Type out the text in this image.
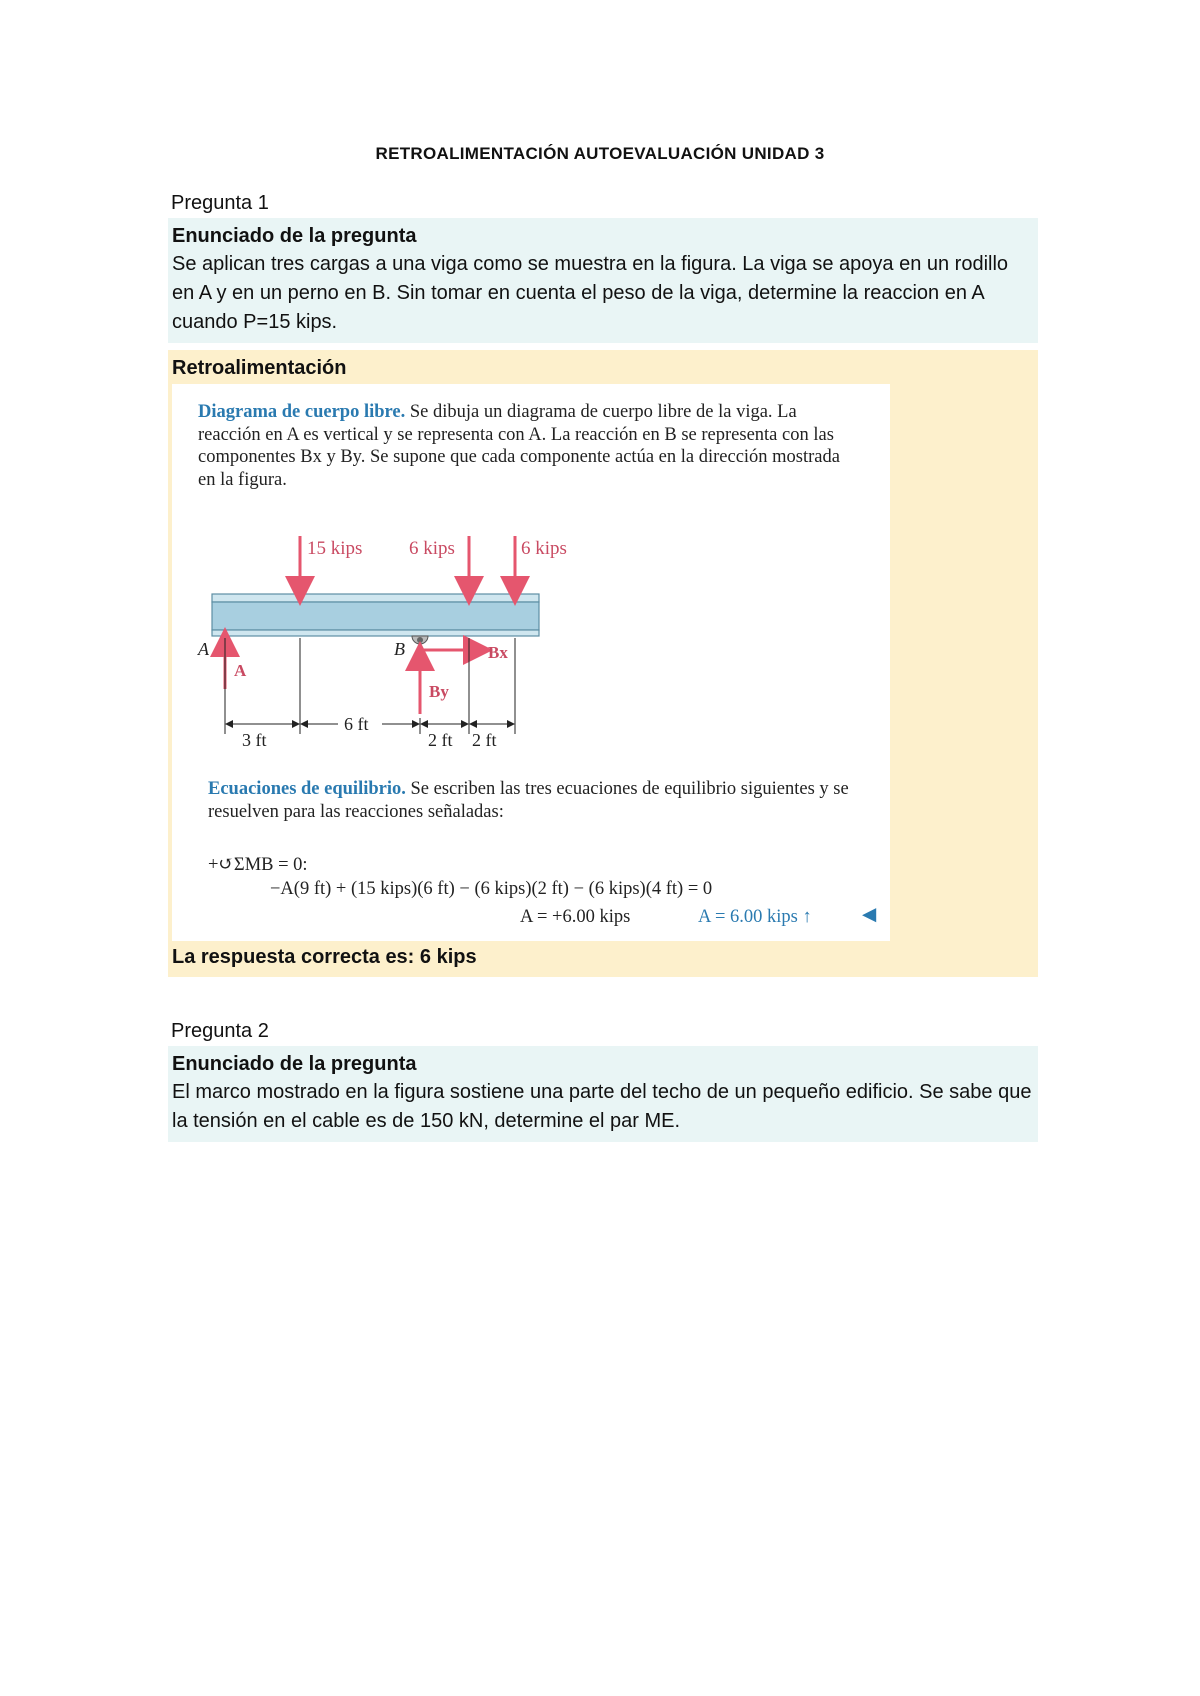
RETROALIMENTACIÓN AUTOEVALUACIÓN UNIDAD 3
Pregunta 1
Enunciado de la pregunta
Se aplican tres cargas a una viga como se muestra en la figura. La viga se apoya en un rodillo en A y en un perno en B. Sin tomar en cuenta el peso de la viga, determine la reaccion en A cuando P=15 kips.
Retroalimentación
Diagrama de cuerpo libre. Se dibuja un diagrama de cuerpo libre de la viga. La reacción en A es vertical y se representa con A. La reacción en B se representa con las componentes Bx y By. Se supone que cada componente actúa en la dirección mostrada en la figura.
15 kips 6 kips	6 kips
A
A
B	Bx
By
3 ft
6 ft
2 ft 2 ft
Ecuaciones de equilibrio. Se escriben las tres ecuaciones de equilibrio siguientes y se resuelven para las reacciones señaladas:
+↺ΣMB = 0:
−A(9 ft) + (15 kips)(6 ft) − (6 kips)(2 ft) − (6 kips)(4 ft) = 0
A = +6.00 kips	A = 6.00 kips ↑	◀
La respuesta correcta es: 6 kips
Pregunta 2
Enunciado de la pregunta
El marco mostrado en la figura sostiene una parte del techo de un pequeño edificio. Se sabe que la tensión en el cable es de 150 kN, determine el par ME.
